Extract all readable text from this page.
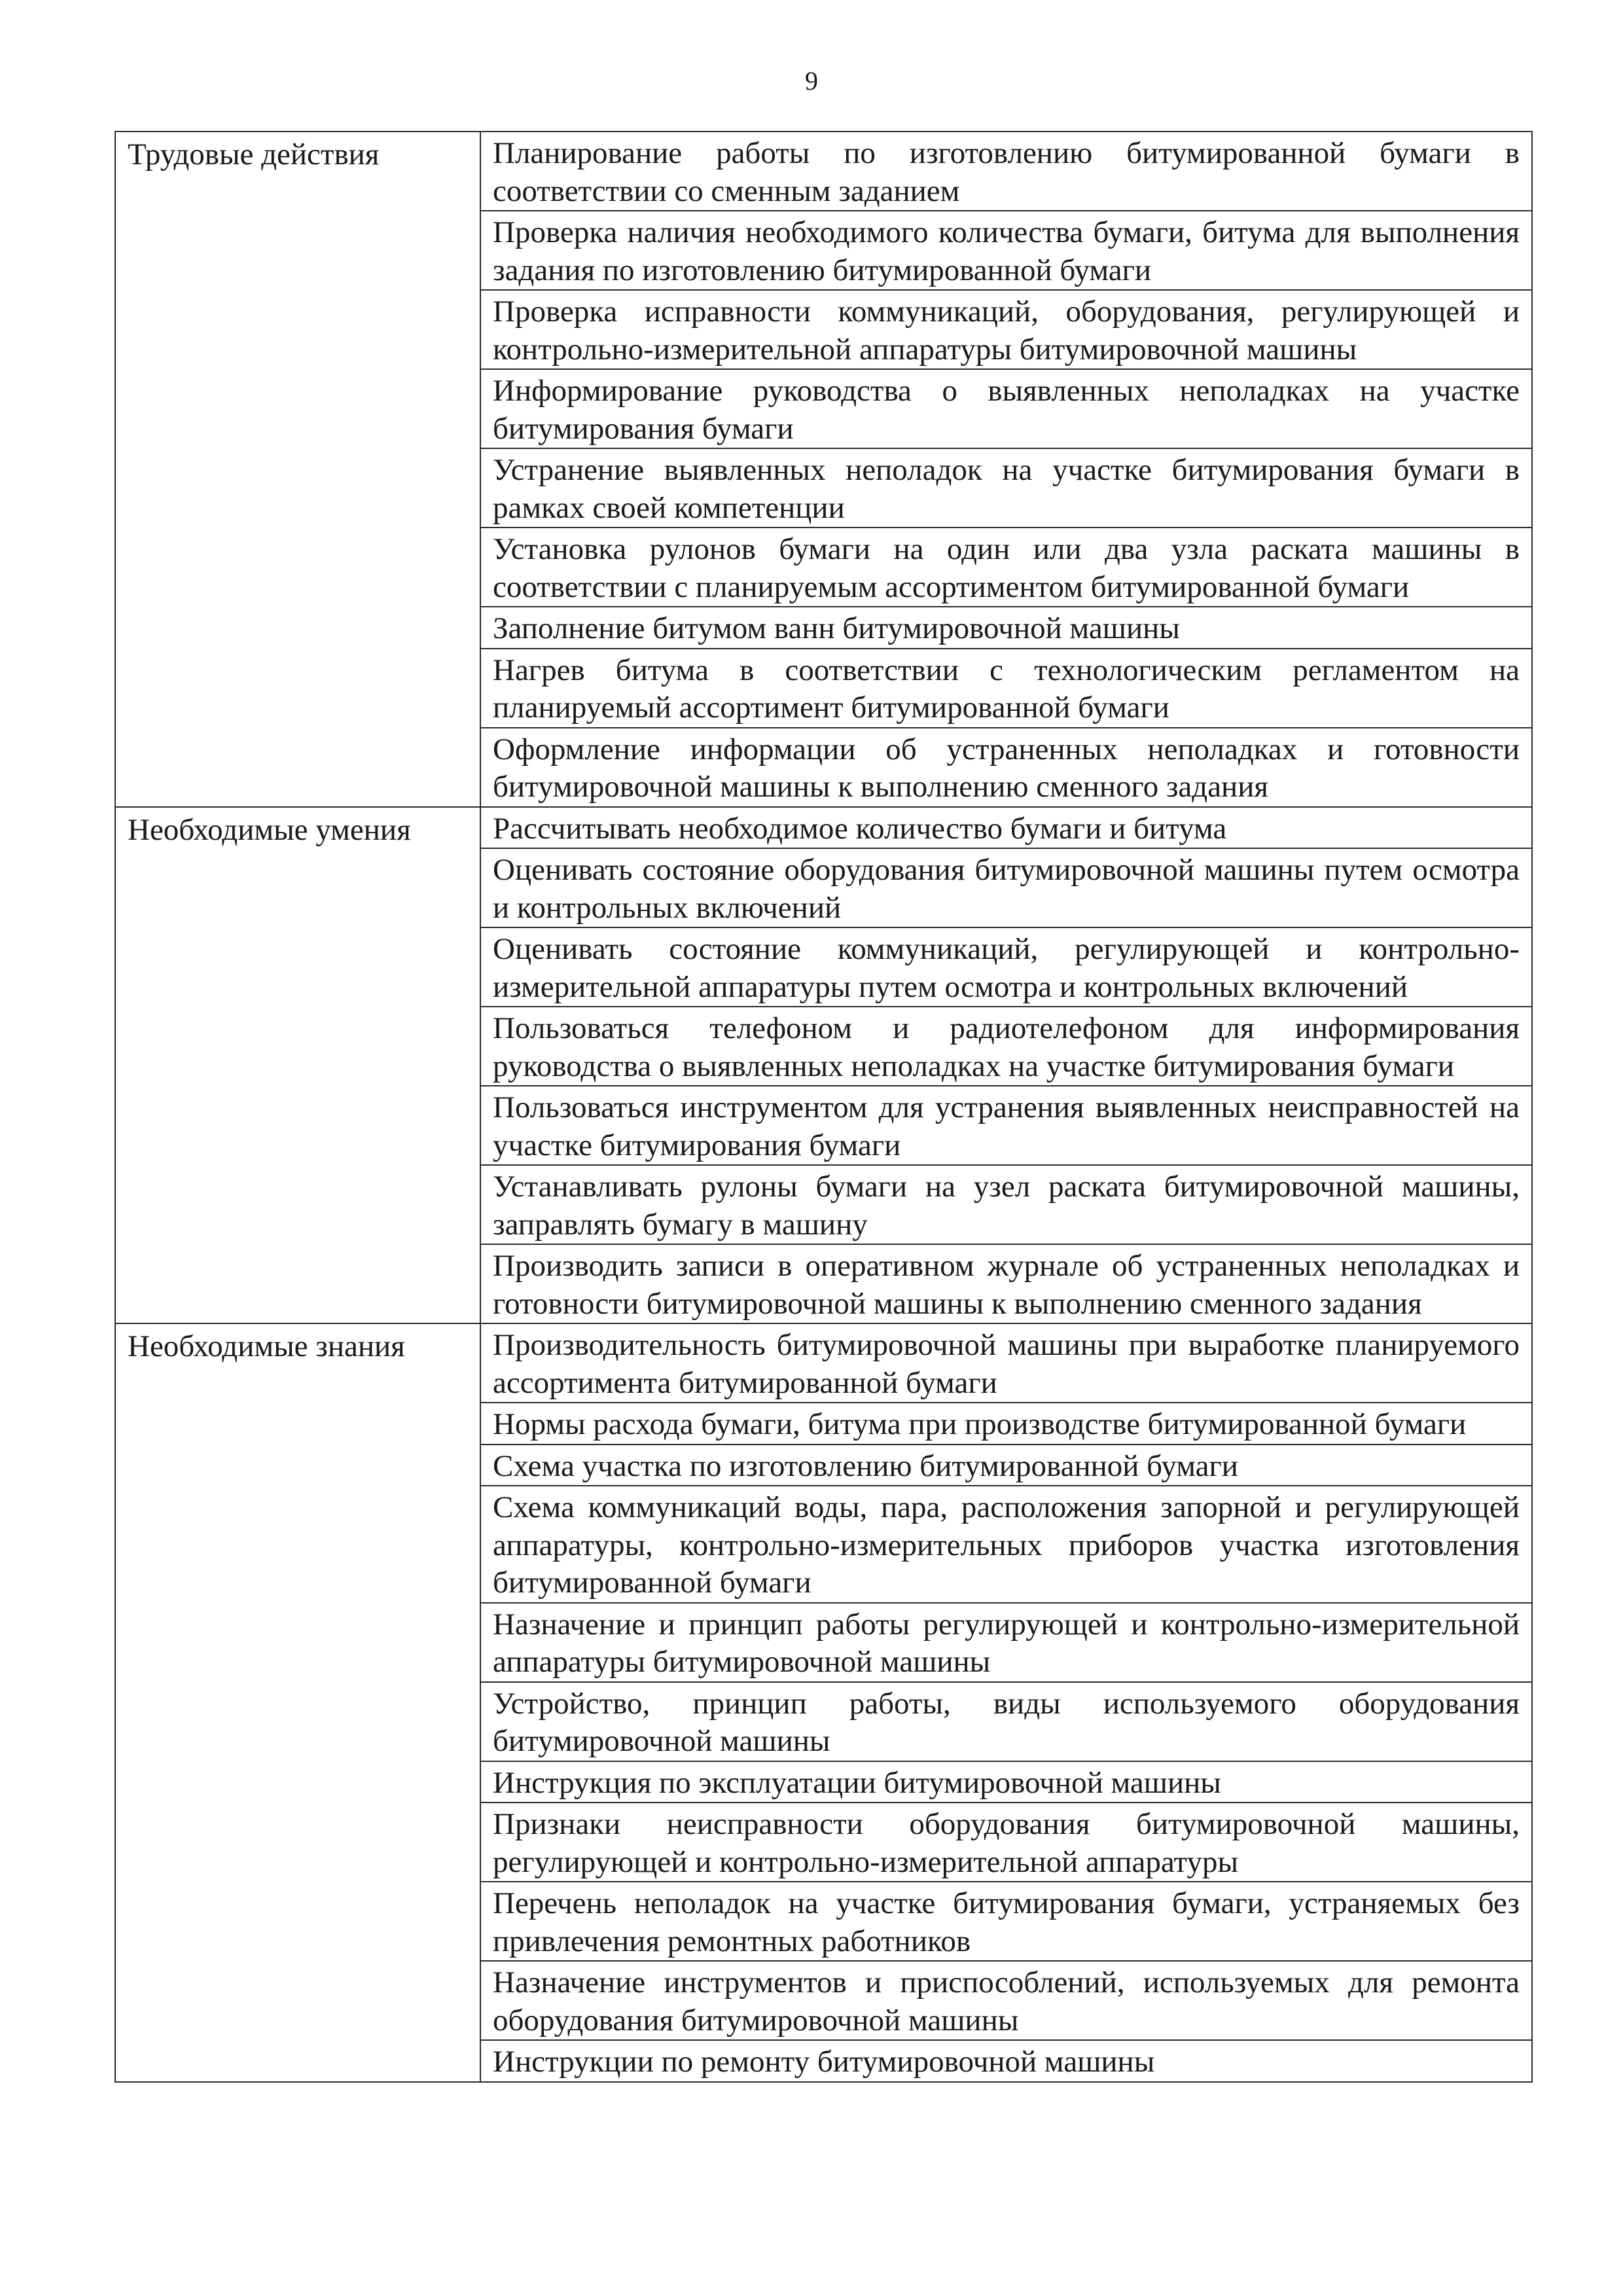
9
Трудовые действия	Планирование работы по изготовлению битумированной бумаги в соответствии со сменным заданием
	Проверка наличия необходимого количества бумаги, битума для выполнения задания по изготовлению битумированной бумаги
	Проверка исправности коммуникаций, оборудования, регулирующей и контрольно-измерительной аппаратуры битумировочной машины
	Информирование руководства о выявленных неполадках на участке битумирования бумаги
	Устранение выявленных неполадок на участке битумирования бумаги в рамках своей компетенции
	Установка рулонов бумаги на один или два узла раската машины в соответствии с планируемым ассортиментом битумированной бумаги
	Заполнение битумом ванн битумировочной машины
	Нагрев битума в соответствии с технологическим регламентом на планируемый ассортимент битумированной бумаги
	Оформление информации об устраненных неполадках и готовности битумировочной машины к выполнению сменного задания
Необходимые умения	Рассчитывать необходимое количество бумаги и битума
	Оценивать состояние оборудования битумировочной машины путем осмотра и контрольных включений
	Оценивать состояние коммуникаций, регулирующей и контрольно-измерительной аппаратуры путем осмотра и контрольных включений
	Пользоваться телефоном и радиотелефоном для информирования руководства о выявленных неполадках на участке битумирования бумаги
	Пользоваться инструментом для устранения выявленных неисправностей на участке битумирования бумаги
	Устанавливать рулоны бумаги на узел раската битумировочной машины, заправлять бумагу в машину
	Производить записи в оперативном журнале об устраненных неполадках и готовности битумировочной машины к выполнению сменного задания
Необходимые знания	Производительность битумировочной машины при выработке планируемого ассортимента битумированной бумаги
	Нормы расхода бумаги, битума при производстве битумированной бумаги
	Схема участка по изготовлению битумированной бумаги
	Схема коммуникаций воды, пара, расположения запорной и регулирующей аппаратуры, контрольно-измерительных приборов участка изготовления битумированной бумаги
	Назначение и принцип работы регулирующей и контрольно-измерительной аппаратуры битумировочной машины
	Устройство, принцип работы, виды используемого оборудования битумировочной машины
	Инструкция по эксплуатации битумировочной машины
	Признаки неисправности оборудования битумировочной машины, регулирующей и контрольно-измерительной аппаратуры
	Перечень неполадок на участке битумирования бумаги, устраняемых без привлечения ремонтных работников
	Назначение инструментов и приспособлений, используемых для ремонта оборудования битумировочной машины
	Инструкции по ремонту битумировочной машины
